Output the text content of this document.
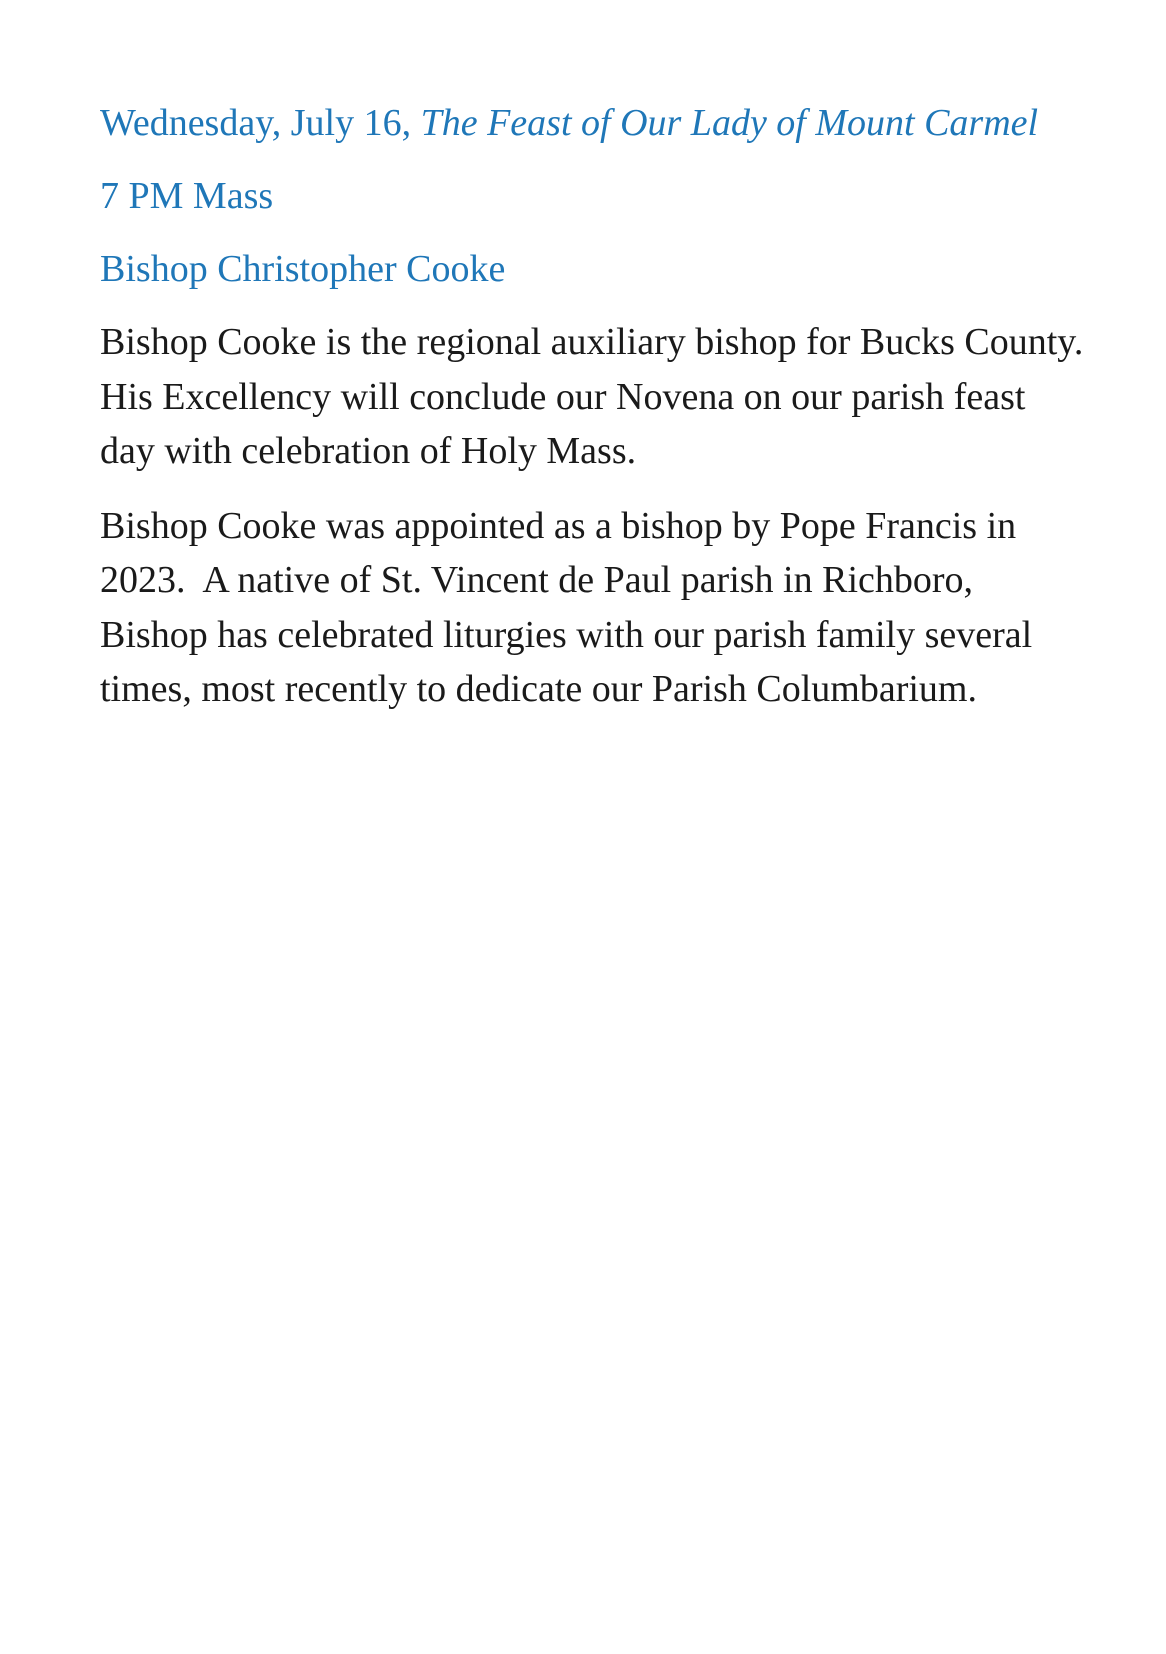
Wednesday, July 16, The Feast of Our Lady of Mount Carmel
7 PM Mass
Bishop Christopher Cooke

Bishop Cooke is the regional auxiliary bishop for Bucks County.  His Excellency will conclude our Novena on our parish feast day with celebration of Holy Mass.

Bishop Cooke was appointed as a bishop by Pope Francis in 2023.  A native of St. Vincent de Paul parish in Richboro, Bishop has celebrated liturgies with our parish family several times, most recently to dedicate our Parish Columbarium.
